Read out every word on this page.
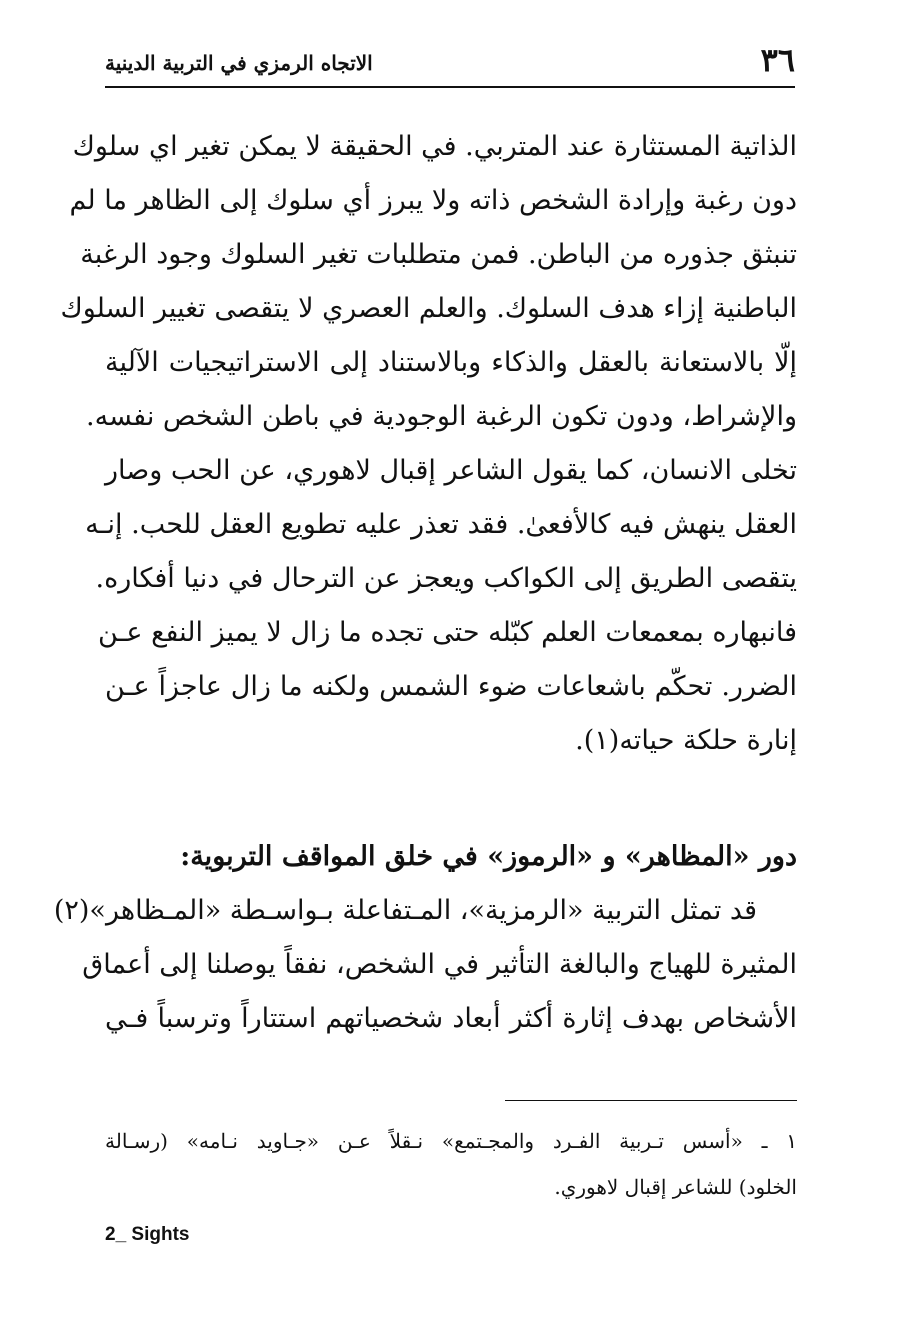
٣٦
الاتجاه الرمزي في التربية الدينية
الذاتية المستثارة عند المتربي. في الحقيقة لا يمكن تغير اي سلوك
دون رغبة وإرادة الشخص ذاته ولا يبرز أي سلوك إلى الظاهر ما لم
تنبثق جذوره من الباطن. فمن متطلبات تغير السلوك وجود الرغبة
الباطنية إزاء هدف السلوك. والعلم العصري لا يتقصى تغيير السلوك
إلّا بالاستعانة بالعقل والذكاء وبالاستناد إلى الاستراتيجيات الآلية
والإشراط، ودون تكون الرغبة الوجودية في باطن الشخص نفسه.
تخلى الانسان، كما يقول الشاعر إقبال لاهوري، عن الحب وصار
العقل ينهش فيه كالأفعىٰ. فقد تعذر عليه تطويع العقل للحب. إنـه
يتقصى الطريق إلى الكواكب ويعجز عن الترحال في دنيا أفكاره.
فانبهاره بمعمعات العلم كبّله حتى تجده ما زال لا يميز النفع عـن
الضرر. تحكّم باشعاعات ضوء الشمس ولكنه ما زال عاجزاً عـن
إنارة حلكة حياته(١).
دور «المظاهر» و «الرموز» في خلق المواقف التربوية:
قد تمثل التربية «الرمزية»، المـتفاعلة بـواسـطة «المـظاهر»(٢)
المثيرة للهياج والبالغة التأثير في الشخص، نفقاً يوصلنا إلى أعماق
الأشخاص بهدف إثارة أكثر أبعاد شخصياتهم استتاراً وترسباً فـي
١ ـ «أسس تـربية الفـرد والمجـتمع» نـقلاً عـن «جـاويد نـامه» (رسـالة
الخلود) للشاعر إقبال لاهوري.
2_ Sights
